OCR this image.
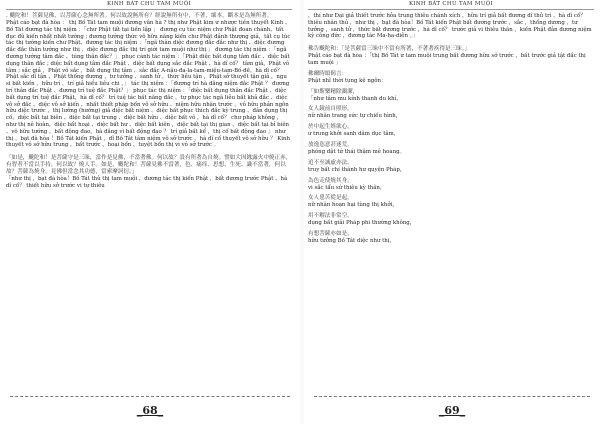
KINH BÁT CHU TAM MUỘI

, 颰陀和！菩薩見佛，以菩薩心念無所著。何以故說無所有？經說無所有中，不著，壞本，斷本是為無所著。

Phật cáo bạt đà hòa ： thị Bồ Tát tam muội đương vân hà ? thị như Phật kim ư nhược tiền thuyết Kinh 、Bồ Tát đương tác thị niệm ：「chư Phật tất tại tiền lập 」 đương cụ túc niệm chư Phật đoan chánh、tất đục đủ kiến nhất nhất tướng ; đương tướng thức vô hữu năng kiến chư Phật đảnh thượng giả，tất cụ túc tác thị tướng kiến chư Phật、đương tác thị niệm ：「ngã thân diệc đương đắc đắc như thị 、diệc đương đắc đắc thân tướng như thị 、diệc đương đắc thị trí giới tam muội như thị 」 đương tác thị niệm ：「ngã đương tướng tâm đắc 、túng thân đắc？」 phục cánh tác niệm ：「Phật diệc bất dụng tâm đắc 、diệc bất dụng thân đắc ; diệc bất dụng tâm đắc Phật 、diệc bất dụng sắc đắc Phật 、hà dĩ cố？ tâm giả，Phật vô tâm ; sắc giả ，Phật vô sắc ，bất dụng thị tâm 、sắc đắc A-nậu-đa-la-tam-miệu-tam-Bồ-đề，hà dĩ cố？ Phật sắc dĩ tận ，Phật thống đương ，tư tưởng 、sanh tử ，thức liễu tận ，Phật sở thuyết tận giả ，ngu si bất kiến ，hữu trí ，trí giả hiểu liễu chi ，」 tác thị niệm ：「đương trí hà đăng niệm đắc Phật ？ đương trí thân đắc Phật 、đương trí tuệ đắc Phật？」 phục tác thị niệm ：「diệc bất dụng thân đắc Phật 、diệc bất dụng trí tuệ đắc Phật，hà dĩ cố？ trí tuệ tác bất năng đắc ，tự phục tác ngã liễu bất khả đắc 、diệc vô sở đắc 、diệc vô sở kiến ，nhất thiết pháp bổn vô sở hữu 、niệm hữu nhân trước ，vô hữu phản ngôn hữu diệc trước ，thị lưỡng (hướng) giả diệc bất niệm 、diệc bất phục thích đắc kỳ trung 、đản dụng thị cố，diệc bất tại biên 、diệc bất tại trung 、diệc bất hữu 、diệc bất vô ，hà dĩ cố？ chư pháp không ，như thị nê hoàn，diệc bất hoại 、diệc bất hư 、diệc bất kiên ，diệc bất tại thị gian 、diệc bất tại bỉ biên 、vô hữu tướng ，bất động đao，hà đăng vì bất động đao ？ trí giả bất kể ，thị cố bất động đao 」 như thị ，bạt đà hòa ！Bồ Tát kiến Phật ，dĩ Bồ Tát tâm niệm vô sở trước ，hà dĩ cố thuyết vô sở hữu ？ Kinh thuyết vô sở hữu trung ，bất trước ，hoại bổn ，tuyệt bổn thị vi vô sở trước 。

「如是，颰陀和！是菩薩守是三昧，當作是見佛，不當著佛。何以故？設有所著為自燒。譬如大因緣露火中燒正赤，有智者不當以手持。何以故？燒人手。如是，颰陀和！菩薩見佛不當著，色、痛痒、思想、生死、識不當著，何以故？菩薩為燒身，見佛但當念其功德，當索摩訶衍。」

「như thị ，bạt đà hòa！Bồ Tát thủ thị tam muội ，đương tác thị kiến Phật ，bất đương trước Phật 、hà dĩ cố？ thiết hữu sở trước vi tự thiêu

_68_
KINH BÁT CHU TAM MUỘI

，thí như Đại giả thiết trước hỏa trung thiêu chánh xích ，hữu trí giả bất đương dĩ thủ trì ，hà dĩ cố？ thiêu nhân thủ ，như thị ，bạt đà hòa！Bồ Tát kiến Phật bất đương trước ，sắc ，thống dương ，tư tưởng ，sanh tử ，thức bất đương trước ，hà dĩ cố？ trước giả vi thiêu thân ，kiến Phật đản đương niệm kỳ công đức ，đương tác Ma-ha-diễn 。」

佛告颰陀和：「是菩薩當三昧中不當有所著，不著著疾得是三昧。」

Phật cáo bạt đà hòa ：「thị Bồ Tát ư tam muội trung bất đương hữu sở trước ，bất trước giả tật đắc thị tam muội 」

佛爾時頌偈言：

Phật nhĩ thời tụng kệ ngôn：

「如斯樂精除濁潔，

「như tâm mu kính thanh du khí，

女人鏡前自照形，

nữ nhân trang sức tự chiếu hình，

於中起生婬欲心，

ư trung khởi sanh dâm dục tâm，

放逸恣意甚迷荒。

phóng dật tứ thái thậm mê hoang。

追不至誠虛亦法，

truy bất chí thành hư quyện Pháp，

為色走使燒其身，

vi sắc tẩu sứ thiêu kỳ thân，

女人患苦從是起，

nữ nhân hoạn hại tùng thị khởi，

用不解法非常空，

dụng bất giải Pháp phi thường không，

有想菩薩亦如是，

hữu tưởng Bồ Tát diệc như thị，

_69_
